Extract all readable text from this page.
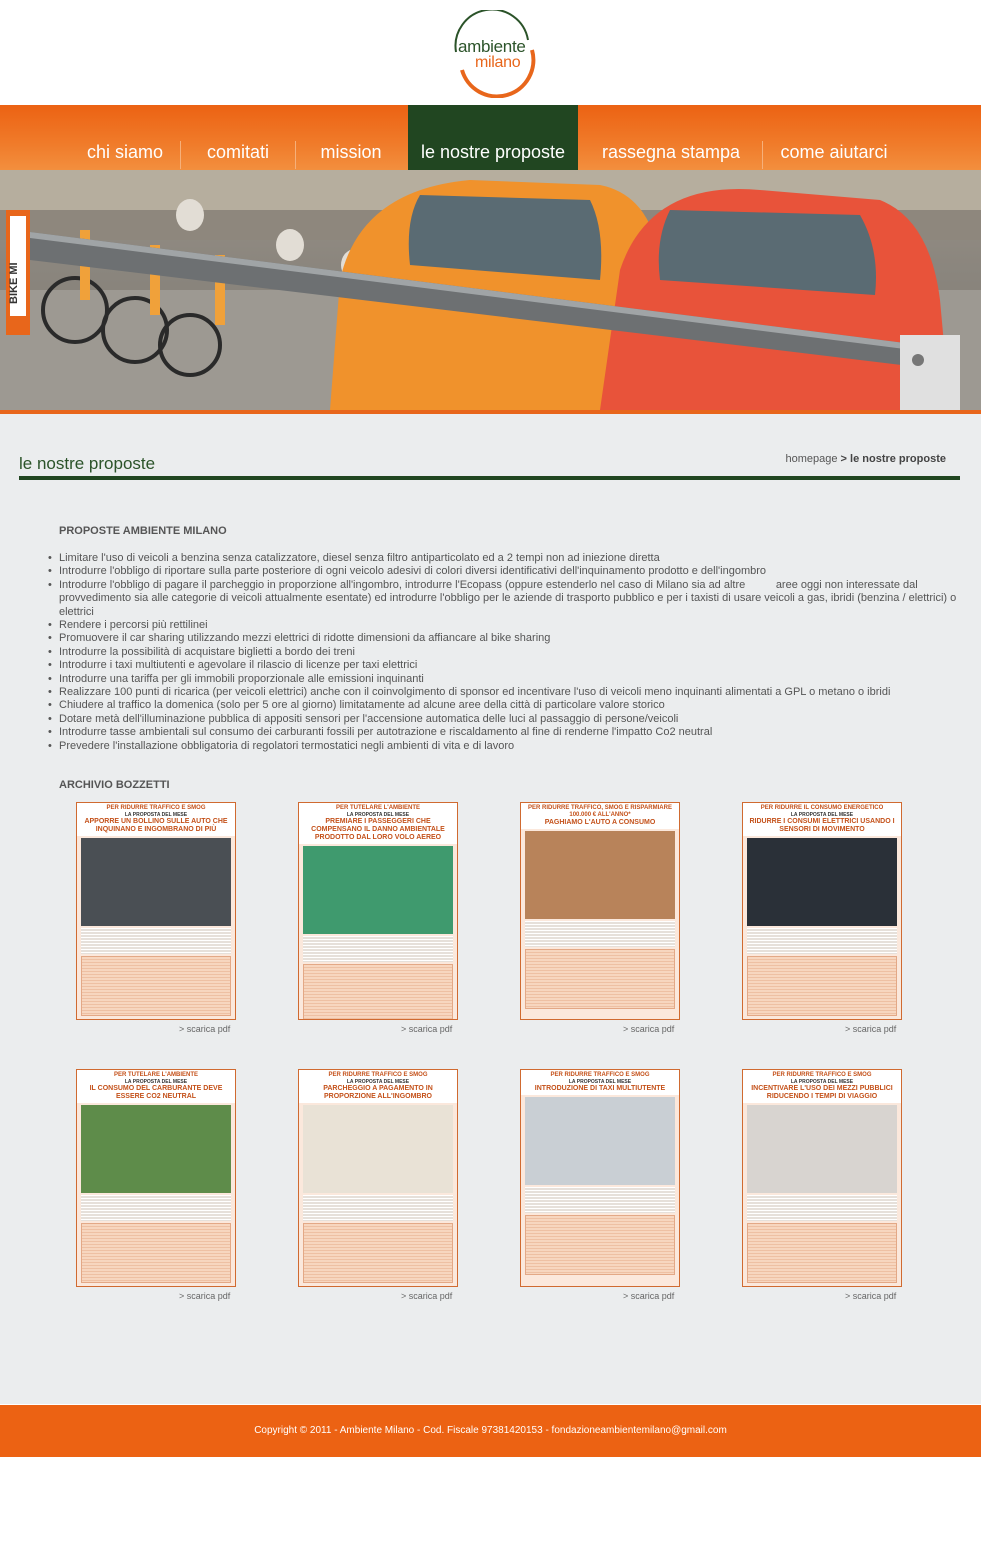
ambiente
milano
chi siamo	comitati	mission	le nostre proposte	rassegna stampa	come aiutarci
BIKE MI
le nostre proposte	homepage > le nostre proposte
PROPOSTE AMBIENTE MILANO
• Limitare l'uso di veicoli a benzina senza catalizzatore, diesel senza filtro antiparticolato ed a 2 tempi non ad iniezione diretta
• Introdurre l'obbligo di riportare sulla parte posteriore di ogni veicolo adesivi di colori diversi identificativi dell'inquinamento prodotto e dell'ingombro
• Introdurre l'obbligo di pagare il parcheggio in proporzione all'ingombro, introdurre l'Ecopass (oppure estenderlo nel caso di Milano sia ad altre          aree oggi non interessate dal provvedimento sia alle categorie di veicoli attualmente esentate) ed introdurre l'obbligo per le aziende di trasporto pubblico e per i taxisti di usare veicoli a gas, ibridi (benzina / elettrici) o elettrici
• Rendere i percorsi più rettilinei
• Promuovere il car sharing utilizzando mezzi elettrici di ridotte dimensioni da affiancare al bike sharing
• Introdurre la possibilità di acquistare biglietti a bordo dei treni
• Introdurre i taxi multiutenti e agevolare il rilascio di licenze per taxi elettrici
• Introdurre una tariffa per gli immobili proporzionale alle emissioni inquinanti
• Realizzare 100 punti di ricarica (per veicoli elettrici) anche con il coinvolgimento di sponsor ed incentivare l'uso di veicoli meno inquinanti alimentati a GPL o metano o ibridi
• Chiudere al traffico la domenica (solo per 5 ore al giorno) limitatamente ad alcune aree della città di particolare valore storico
• Dotare metà dell'illuminazione pubblica di appositi sensori per l'accensione automatica delle luci al passaggio di persone/veicoli
• Introdurre tasse ambientali sul consumo dei carburanti fossili per autotrazione e riscaldamento al fine di renderne l'impatto Co2 neutral
• Prevedere l'installazione obbligatoria di regolatori termostatici negli ambienti di vita e di lavoro
ARCHIVIO BOZZETTI
PER RIDURRE TRAFFICO E SMOG
LA PROPOSTA DEL MESE
APPORRE UN BOLLINO SULLE AUTO CHE INQUINANO E INGOMBRANO DI PIÙ
> scarica pdf
PER TUTELARE L'AMBIENTE
LA PROPOSTA DEL MESE
PREMIARE I PASSEGGERI CHE COMPENSANO IL DANNO AMBIENTALE PRODOTTO DAL LORO VOLO AEREO
> scarica pdf
PER RIDURRE TRAFFICO, SMOG E RISPARMIARE 100.000 € ALL'ANNO*
PAGHIAMO L'AUTO A CONSUMO
> scarica pdf
PER RIDURRE IL CONSUMO ENERGETICO
LA PROPOSTA DEL MESE
RIDURRE I CONSUMI ELETTRICI USANDO I SENSORI DI MOVIMENTO
> scarica pdf
PER TUTELARE L'AMBIENTE
LA PROPOSTA DEL MESE
IL CONSUMO DEL CARBURANTE DEVE ESSERE CO2 NEUTRAL
> scarica pdf
PER RIDURRE TRAFFICO E SMOG
LA PROPOSTA DEL MESE
PARCHEGGIO A PAGAMENTO IN PROPORZIONE ALL'INGOMBRO
> scarica pdf
PER RIDURRE TRAFFICO E SMOG
LA PROPOSTA DEL MESE
INTRODUZIONE DI TAXI MULTIUTENTE
> scarica pdf
PER RIDURRE TRAFFICO E SMOG
LA PROPOSTA DEL MESE
INCENTIVARE L'USO DEI MEZZI PUBBLICI RIDUCENDO I TEMPI DI VIAGGIO
> scarica pdf
Copyright © 2011 - Ambiente Milano - Cod. Fiscale 97381420153 - fondazioneambientemilano@gmail.com
